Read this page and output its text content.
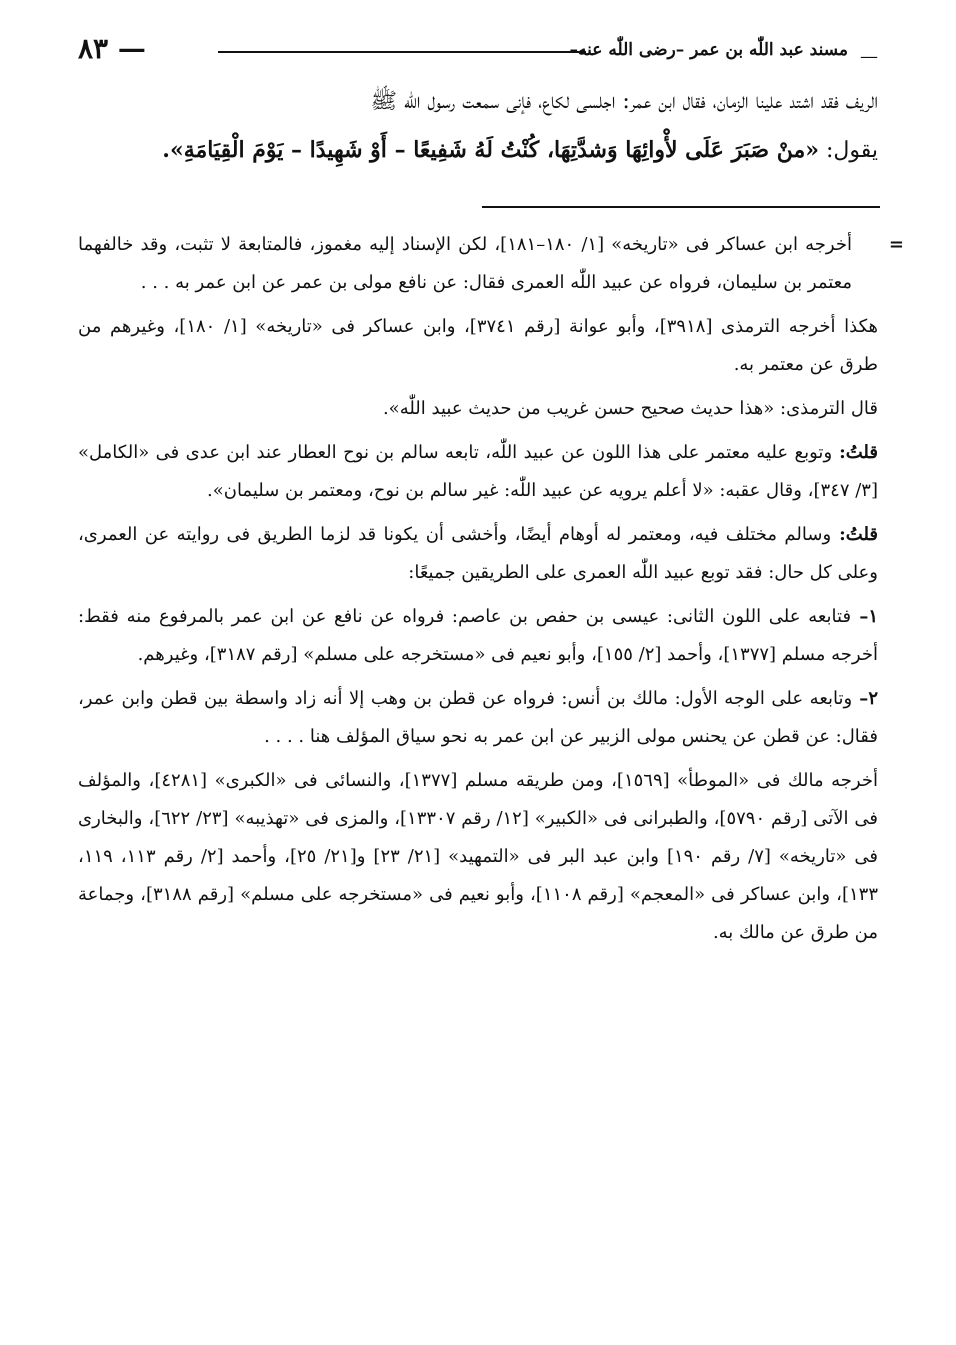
—
مسند عبد اللّٰه بن عمر –رضى اللّٰه عنه–
— ٨٣

الريف فقد اشتد علينا الزمان، فقال ابن عمر: اجلسى لكاع، فإنى سمعت رسول اللّٰه ﷺ

يقول: «منْ صَبَرَ عَلَى لأْوائِهَا وَشدَّتِهَا، كُنْتُ لَهُ شَفِيعًا – أَوْ شَهِيدًا – يَوْمَ الْقِيَامَةِ».

=أخرجه ابن عساكر فى «تاريخه» [١/ ١٨٠–١٨١]، لكن الإسناد إليه مغموز، فالمتابعة لا تثبت، وقد خالفهما معتمر بن سليمان، فرواه عن عبيد اللّٰه العمرى فقال: عن نافع مولى بن عمر عن ابن عمر به . . .

هكذا أخرجه الترمذى [٣٩١٨]، وأبو عوانة [رقم ٣٧٤١]، وابن عساكر فى «تاريخه» [١/ ١٨٠]، وغيرهم من طرق عن معتمر به.

قال الترمذى: «هذا حديث صحيح حسن غريب من حديث عبيد اللّٰه».

قلتُ: وتوبع عليه معتمر على هذا اللون عن عبيد اللّٰه، تابعه سالم بن نوح العطار عند ابن عدى فى «الكامل» [٣/ ٣٤٧]، وقال عقبه: «لا أعلم يرويه عن عبيد اللّٰه: غير سالم بن نوح، ومعتمر بن سليمان».

قلتُ: وسالم مختلف فيه، ومعتمر له أوهام أيضًا، وأخشى أن يكونا قد لزما الطريق فى روايته عن العمرى، وعلى كل حال: فقد توبع عبيد اللّٰه العمرى على الطريقين جميعًا:

١– فتابعه على اللون الثانى: عيسى بن حفص بن عاصم: فرواه عن نافع عن ابن عمر بالمرفوع منه فقط: أخرجه مسلم [١٣٧٧]، وأحمد [٢/ ١٥٥]، وأبو نعيم فى «مستخرجه على مسلم» [رقم ٣١٨٧]، وغيرهم.

٢– وتابعه على الوجه الأول: مالك بن أنس: فرواه عن قطن بن وهب إلا أنه زاد واسطة بين قطن وابن عمر، فقال: عن قطن عن يحنس مولى الزبير عن ابن عمر به نحو سياق المؤلف هنا . . . .

أخرجه مالك فى «الموطأ» [١٥٦٩]، ومن طريقه مسلم [١٣٧٧]، والنسائى فى «الكبرى» [٤٢٨١]، والمؤلف فى الآتى [رقم ٥٧٩٠]، والطبرانى فى «الكبير» [١٢/ رقم ١٣٣٠٧]، والمزى فى «تهذيبه» [٢٣/ ٦٢٢]، والبخارى فى «تاريخه» [٧/ رقم ١٩٠] وابن عبد البر فى «التمهيد» [٢١/ ٢٣] و[٢١/ ٢٥]، وأحمد [٢/ رقم ١١٣، ١١٩، ١٣٣]، وابن عساكر فى «المعجم» [رقم ١١٠٨]، وأبو نعيم فى «مستخرجه على مسلم» [رقم ٣١٨٨]، وجماعة من طرق عن مالك به.
